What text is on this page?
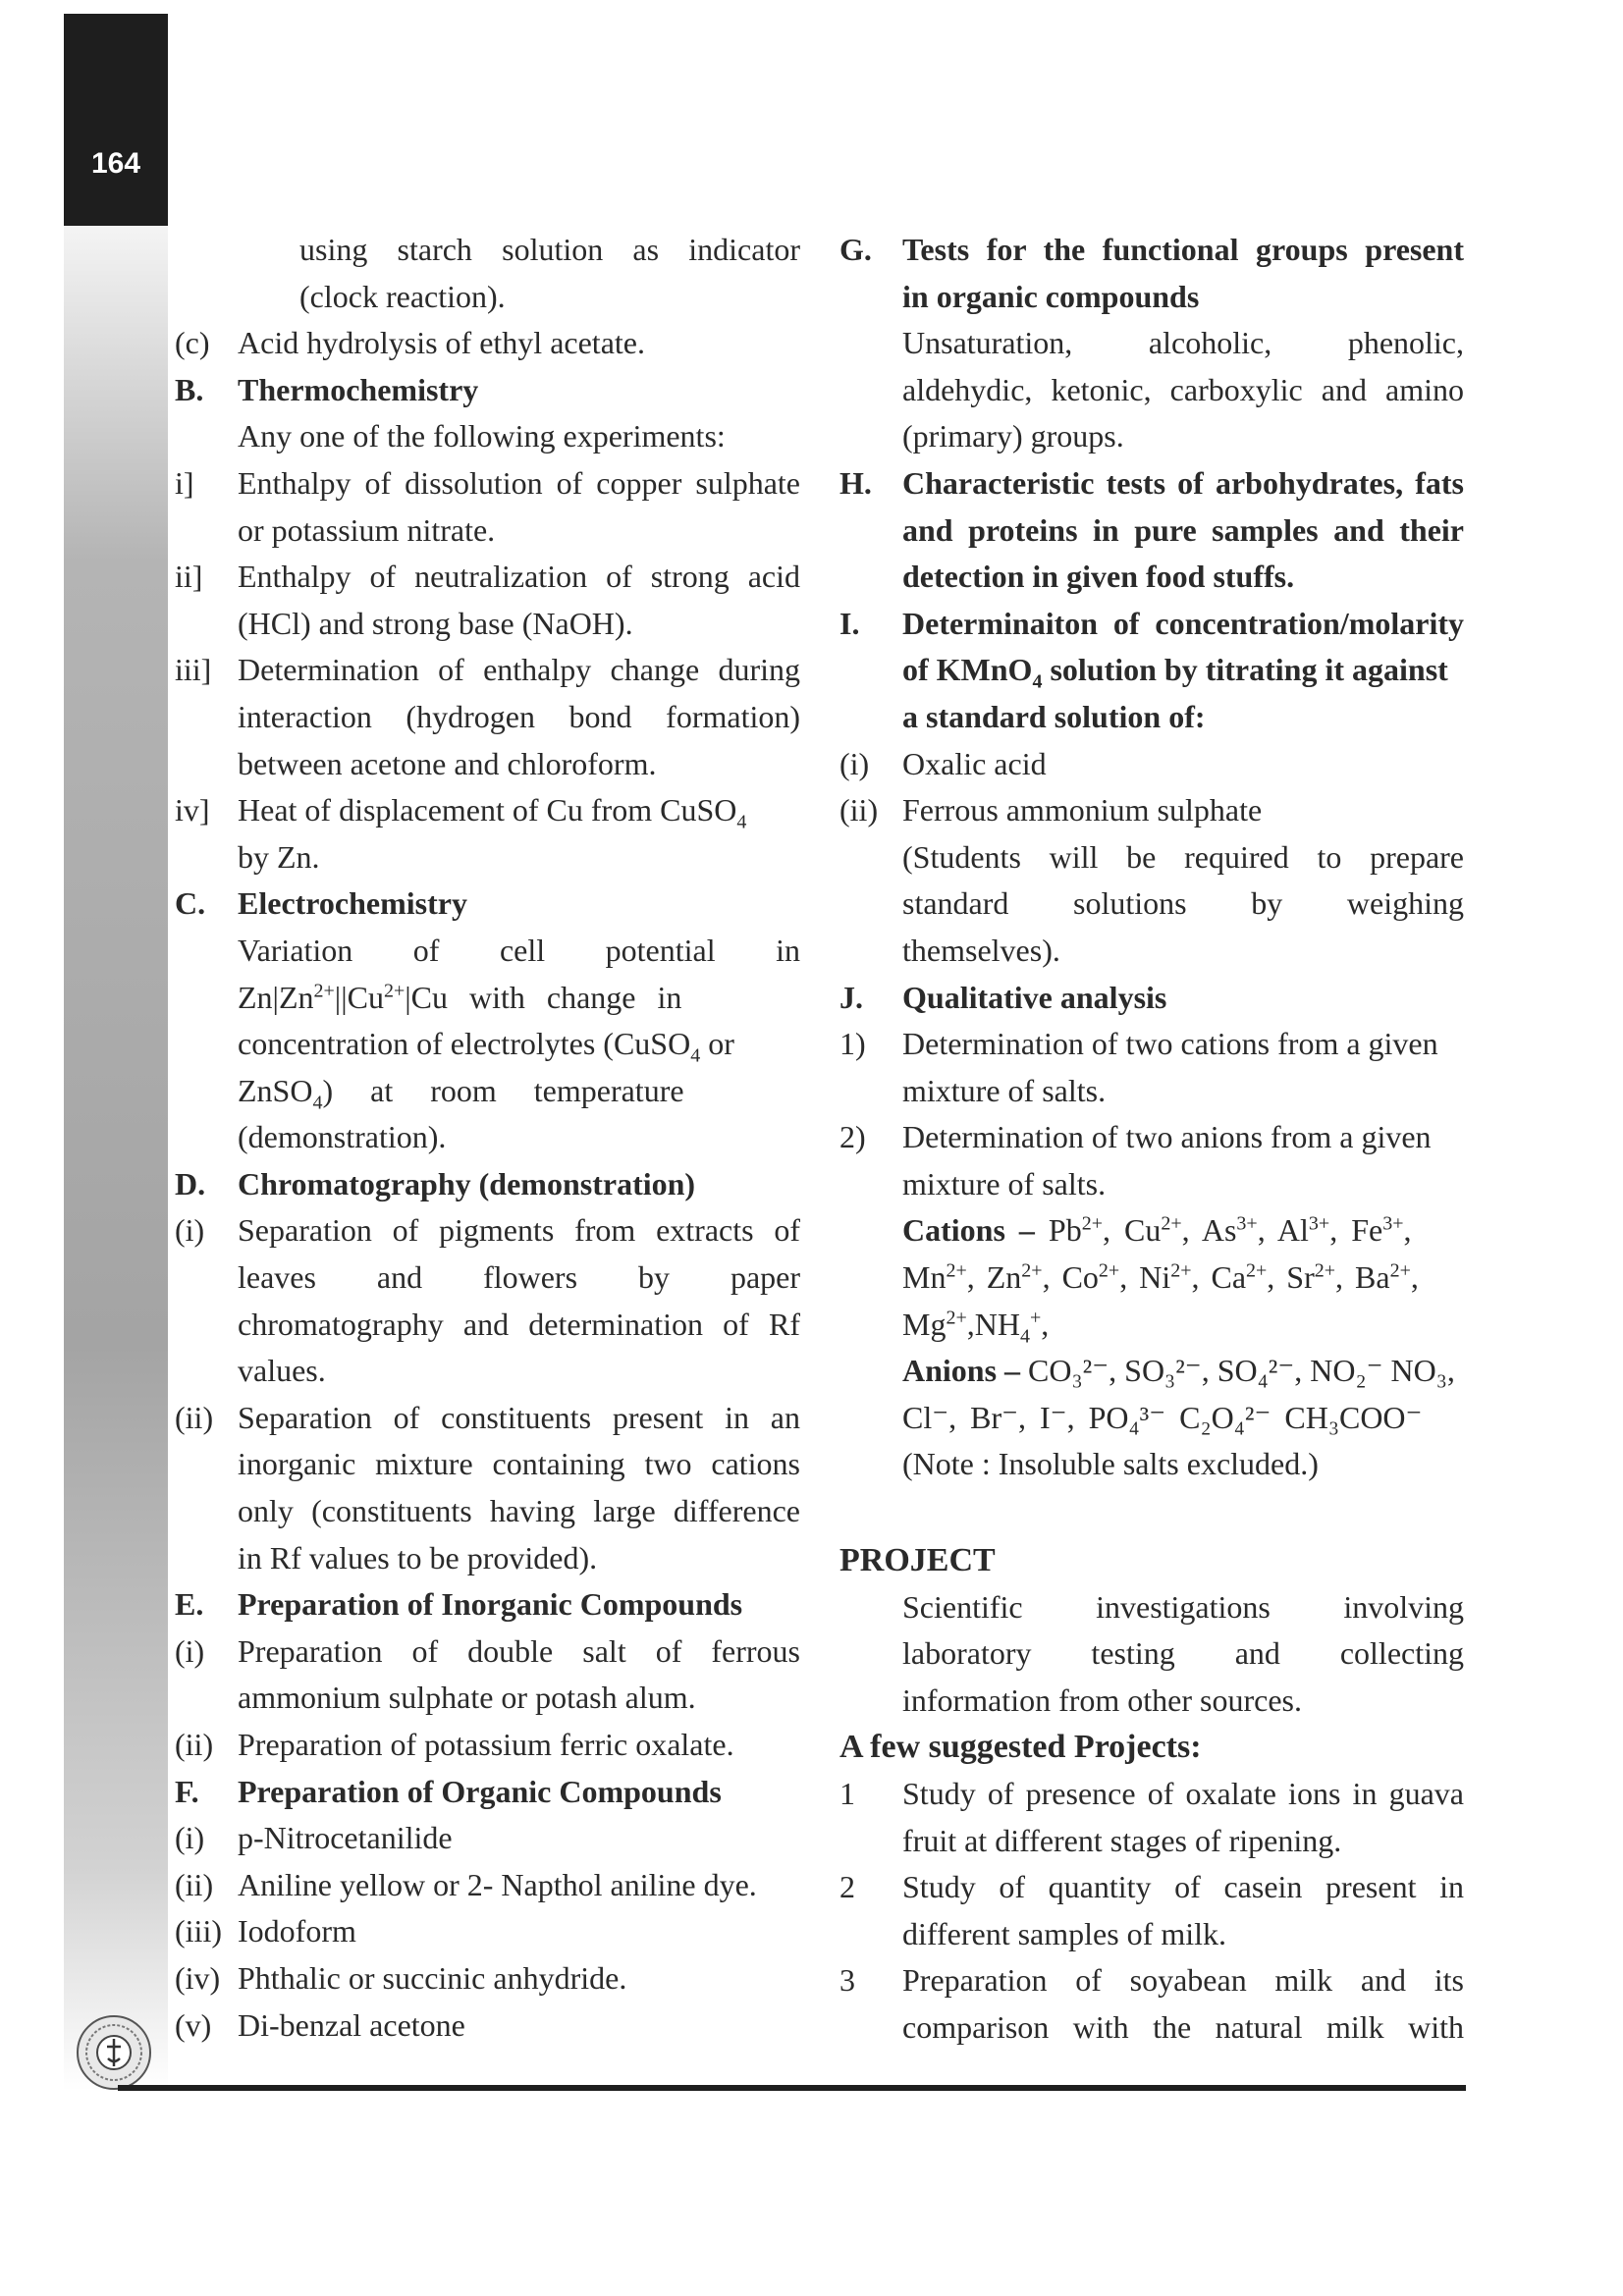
164
using starch solution as indicator
(clock reaction).
(c) Acid hydrolysis of ethyl acetate.
B. Thermochemistry
Any one of the following experiments:
i] Enthalpy of dissolution of copper sulphate
or potassium nitrate.
ii] Enthalpy of neutralization of strong acid
(HCl) and strong base (NaOH).
iii] Determination of enthalpy change during
interaction (hydrogen bond formation)
between acetone and chloroform.
iv] Heat of displacement of Cu from CuSO$_4$
by Zn.
C. Electrochemistry
Variation of cell potential in
$Zn|Zn^{2+}||Cu^{2+}|Cu$ with change in
concentration of electrolytes (CuSO$_4$ or
ZnSO$_4$) at room temperature
(demonstration).
D. Chromatography (demonstration)
(i) Separation of pigments from extracts of
leaves and flowers by paper
chromatography and determination of Rf
values.
(ii) Separation of constituents present in an
inorganic mixture containing two cations
only (constituents having large difference
in Rf values to be provided).
E. Preparation of Inorganic Compounds
(i) Preparation of double salt of ferrous
ammonium sulphate or potash alum.
(ii) Preparation of potassium ferric oxalate.
F. Preparation of Organic Compounds
(i) p-Nitrocetanilide
(ii) Aniline yellow or 2- Napthol aniline dye.
(iii) Iodoform
(iv) Phthalic or succinic anhydride.
(v) Di-benzal acetone
G. Tests for the functional groups present
in organic compounds
Unsaturation, alcoholic, phenolic,
aldehydic, ketonic, carboxylic and amino
(primary) groups.
H. Characteristic tests of arbohydrates, fats
and proteins in pure samples and their
detection in given food stuffs.
I. Determinaiton of concentration/molarity
of KMnO$_4$ solution by titrating it against
a standard solution of:
(i) Oxalic acid
(ii) Ferrous ammonium sulphate
(Students will be required to prepare
standard solutions by weighing
themselves).
J. Qualitative analysis
1) Determination of two cations from a given
mixture of salts.
2) Determination of two anions from a given
mixture of salts.
Cations – $Pb^{2+}$, $Cu^{2+}$, $As^{3+}$, $Al^{3+}$, $Fe^{3+}$,
$Mn^{2+}$, $Zn^{2+}$, $Co^{2+}$, $Ni^{2+}$, $Ca^{2+}$, $Sr^{2+}$, $Ba^{2+}$,
$Mg^{2+},NH_4^+$,
Anions – CO₃²⁻, SO₃²⁻, SO₄²⁻, NO₂⁻ NO₃,
Cl⁻, Br⁻, I⁻, PO₄³⁻ C₂O₄²⁻ CH₃COO⁻
(Note : Insoluble salts excluded.)
PROJECT
Scientific investigations involving
laboratory testing and collecting
information from other sources.
A few suggested Projects:
1 Study of presence of oxalate ions in guava
fruit at different stages of ripening.
2 Study of quantity of casein present in
different samples of milk.
3 Preparation of soyabean milk and its
comparison with the natural milk with
